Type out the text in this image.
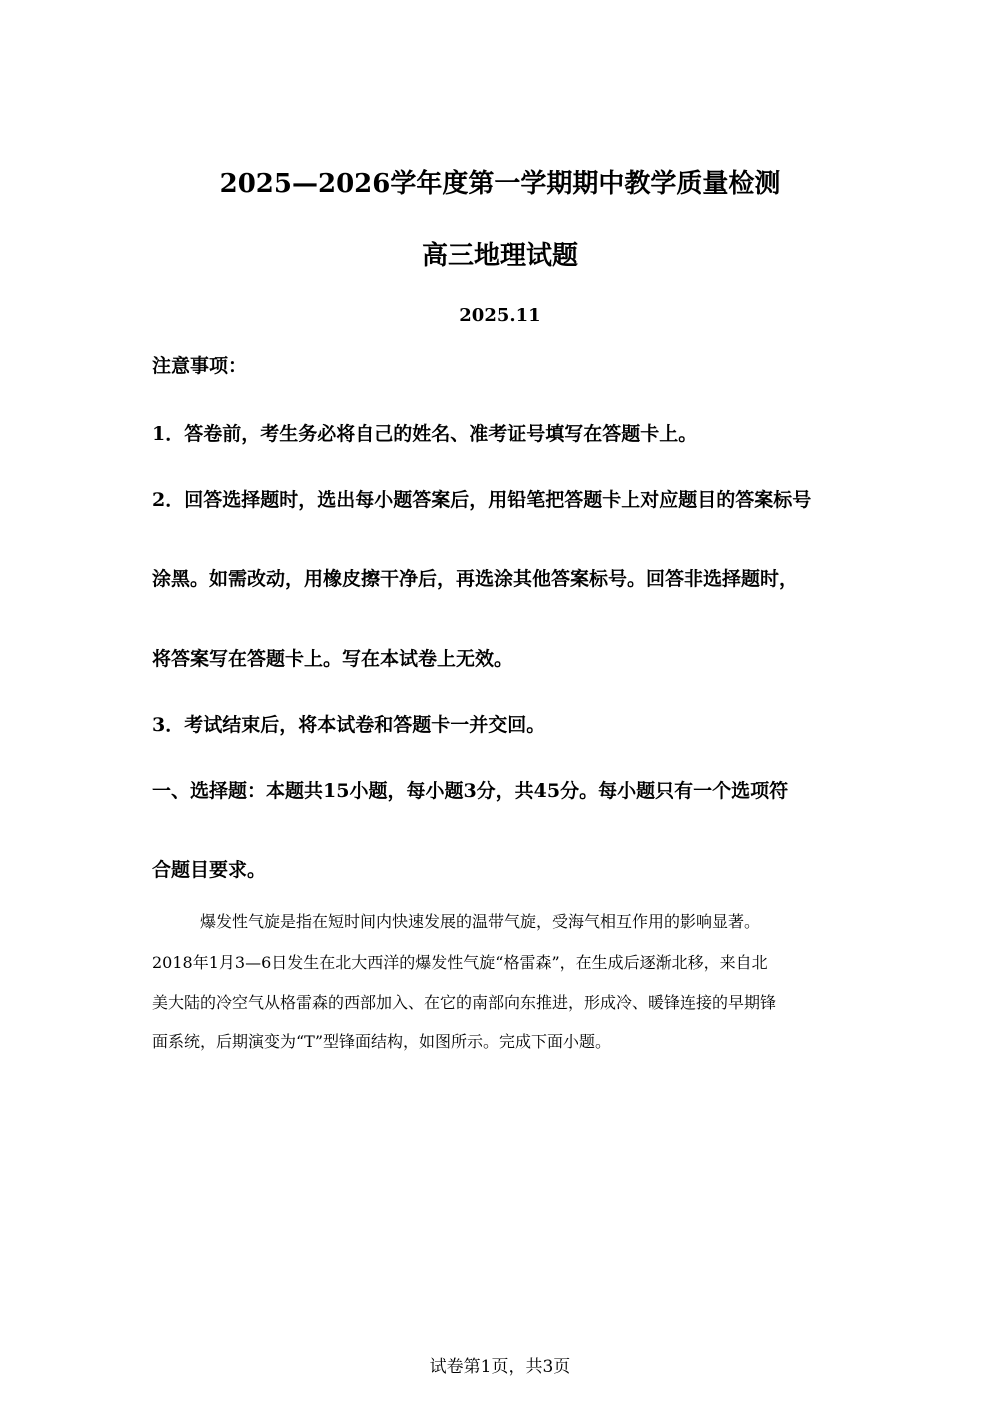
2025—2026学年度第一学期期中教学质量检测
高三地理试题
2025.11
注意事项：
1．答卷前，考生务必将自己的姓名、准考证号填写在答题卡上。
2．回答选择题时，选出每小题答案后，用铅笔把答题卡上对应题目的答案标号
涂黑。如需改动，用橡皮擦干净后，再选涂其他答案标号。回答非选择题时，
将答案写在答题卡上。写在本试卷上无效。
3．考试结束后，将本试卷和答题卡一并交回。
一、选择题：本题共15小题，每小题3分，共45分。每小题只有一个选项符
合题目要求。
爆发性气旋是指在短时间内快速发展的温带气旋，受海气相互作用的影响显著。
2018年1月3—6日发生在北大西洋的爆发性气旋“格雷森”，在生成后逐渐北移，来自北
美大陆的冷空气从格雷森的西部加入、在它的南部向东推进，形成冷、暖锋连接的早期锋
面系统，后期演变为“T”型锋面结构，如图所示。完成下面小题。
试卷第1页，共3页
